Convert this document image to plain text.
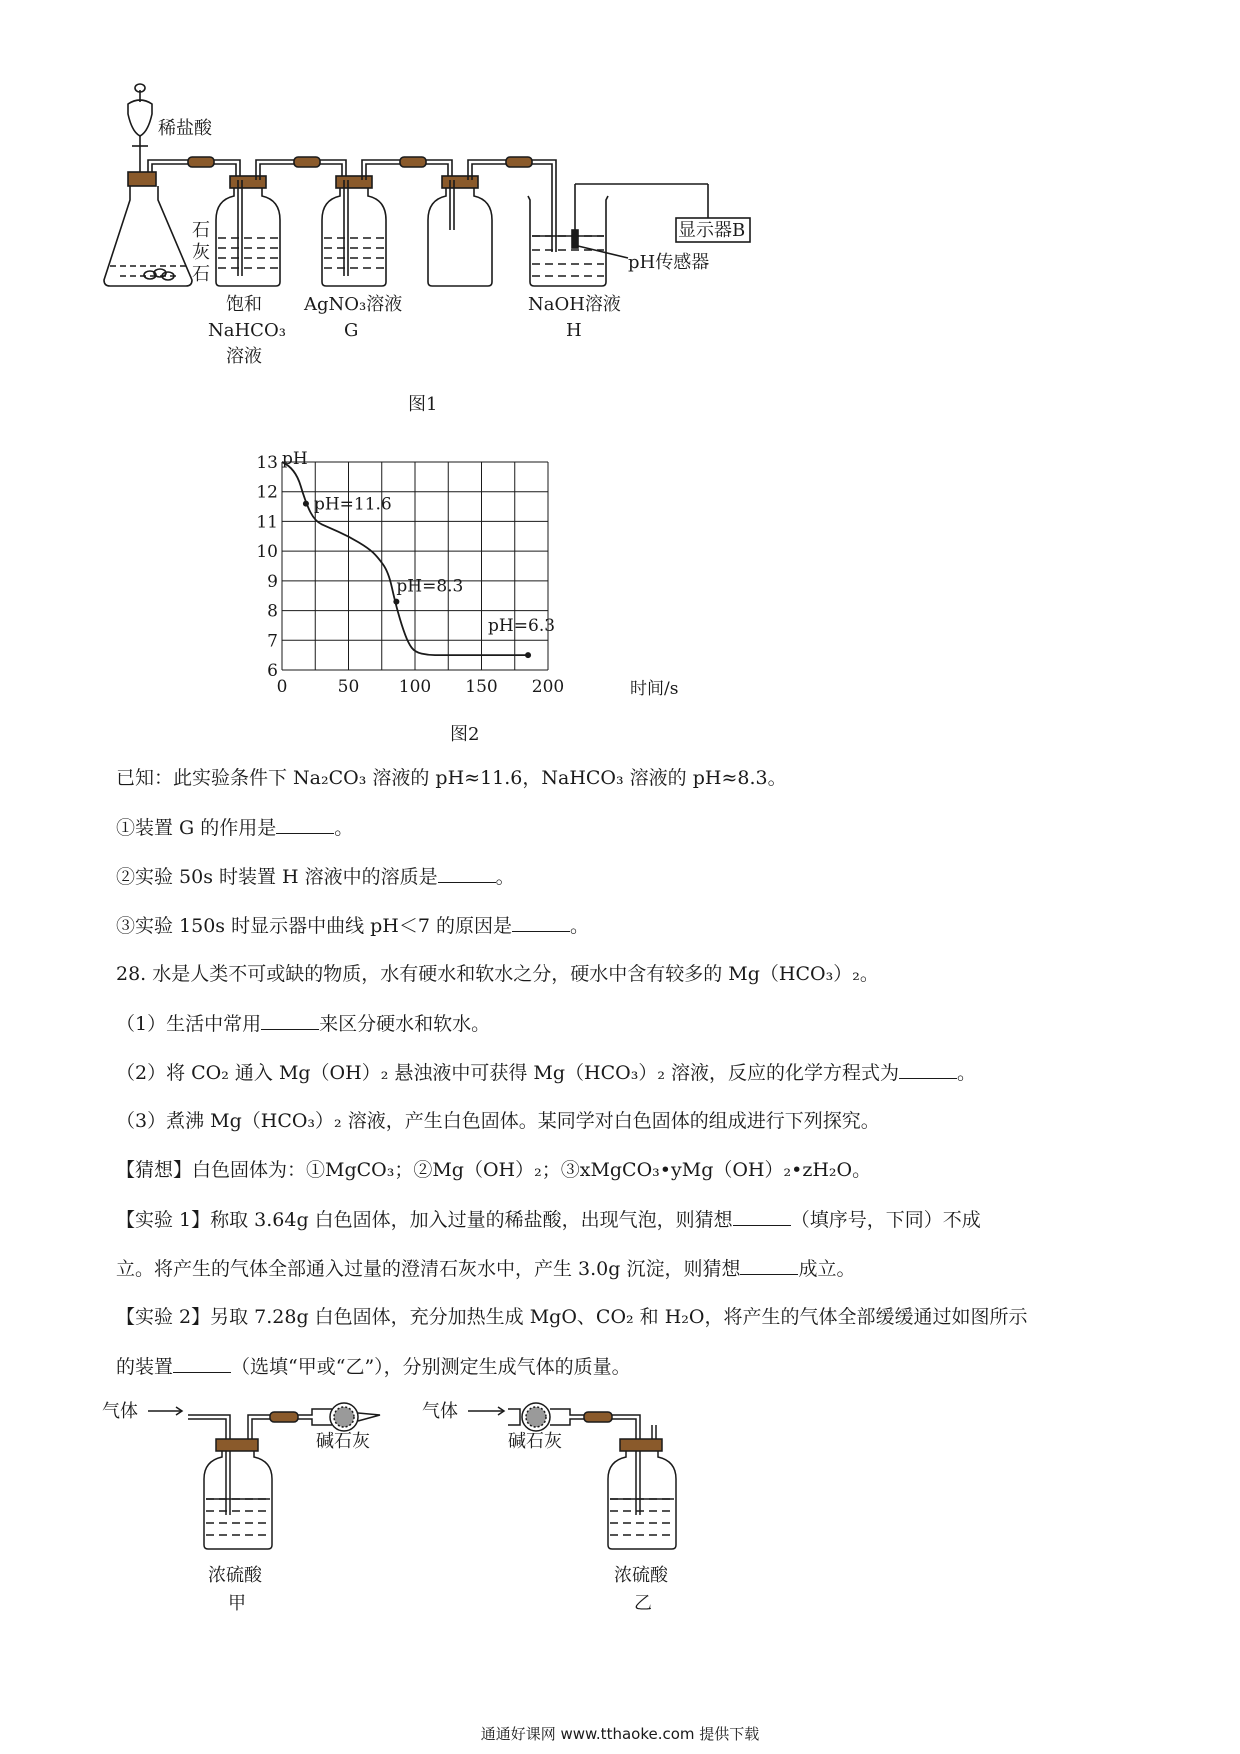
稀盐酸
石
灰
石
饱和
NaHCO₃
溶液
AgNO₃溶液
G
NaOH溶液
H
pH传感器
显示器B
图1
6
7
8
9
10
11
12
13
0	50 100 150 200
pH=11.6
pH=8.3
pH=6.3
pH
时间/s
图2
已知：此实验条件下 Na₂CO₃ 溶液的 pH≈11.6，NaHCO₃ 溶液的 pH≈8.3。
①装置 G 的作用是	。
②实验 50s 时装置 H 溶液中的溶质是	。
③实验 150s 时显示器中曲线 pH＜7 的原因是	。
28. 水是人类不可或缺的物质，水有硬水和软水之分，硬水中含有较多的 Mg（HCO₃）₂。
（1）生活中常用	来区分硬水和软水。
（2）将 CO₂ 通入 Mg（OH）₂ 悬浊液中可获得 Mg（HCO₃）₂ 溶液，反应的化学方程式为	。
（3）煮沸 Mg（HCO₃）₂ 溶液，产生白色固体。某同学对白色固体的组成进行下列探究。
【猜想】白色固体为：①MgCO₃；②Mg（OH）₂；③xMgCO₃•yMg（OH）₂•zH₂O。
【实验 1】称取 3.64g 白色固体，加入过量的稀盐酸，出现气泡，则猜想	（填序号，下同）不成
立。将产生的气体全部通入过量的澄清石灰水中，产生 3.0g 沉淀，则猜想	成立。
【实验 2】另取 7.28g 白色固体，充分加热生成 MgO、CO₂ 和 H₂O，将产生的气体全部缓缓通过如图所示
的装置	（选填“甲或“乙”），分别测定生成气体的质量。
气体
碱石灰
浓硫酸
甲
气体
碱石灰
浓硫酸
乙
通通好课网 www.tthaoke.com 提供下载
